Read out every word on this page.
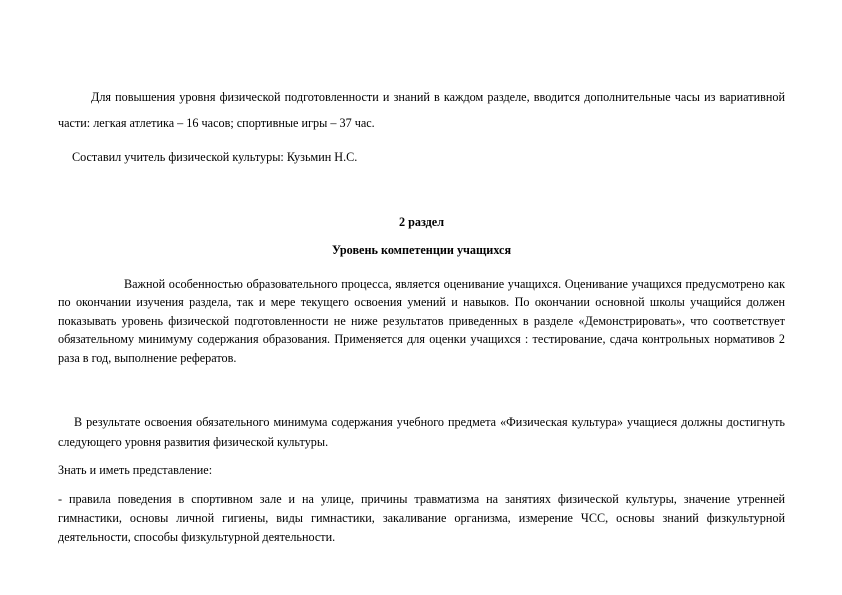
Для повышения уровня физической подготовленности и знаний в каждом разделе, вводится дополнительные часы из вариативной части: легкая атлетика – 16 часов; спортивные игры – 37 час.

Составил учитель физической культуры: Кузьмин Н.С.

2 раздел

Уровень компетенции учащихся

Важной особенностью образовательного процесса, является оценивание учащихся. Оценивание учащихся предусмотрено как по окончании изучения раздела, так и мере текущего освоения умений и навыков. По окончании основной школы учащийся должен показывать уровень физической подготовленности не ниже результатов приведенных в разделе «Демонстрировать», что соответствует обязательному минимуму содержания образования. Применяется для оценки учащихся : тестирование, сдача контрольных нормативов 2 раза в год, выполнение рефератов.

В результате освоения обязательного минимума содержания учебного предмета «Физическая культура» учащиеся должны достигнуть следующего уровня развития физической культуры.

Знать и иметь представление:

- правила поведения в спортивном зале и на улице, причины травматизма на занятиях физической культуры, значение утренней гимнастики, основы личной гигиены, виды гимнастики, закаливание организма, измерение ЧСС, основы знаний физкультурной деятельности, способы физкультурной деятельности.
